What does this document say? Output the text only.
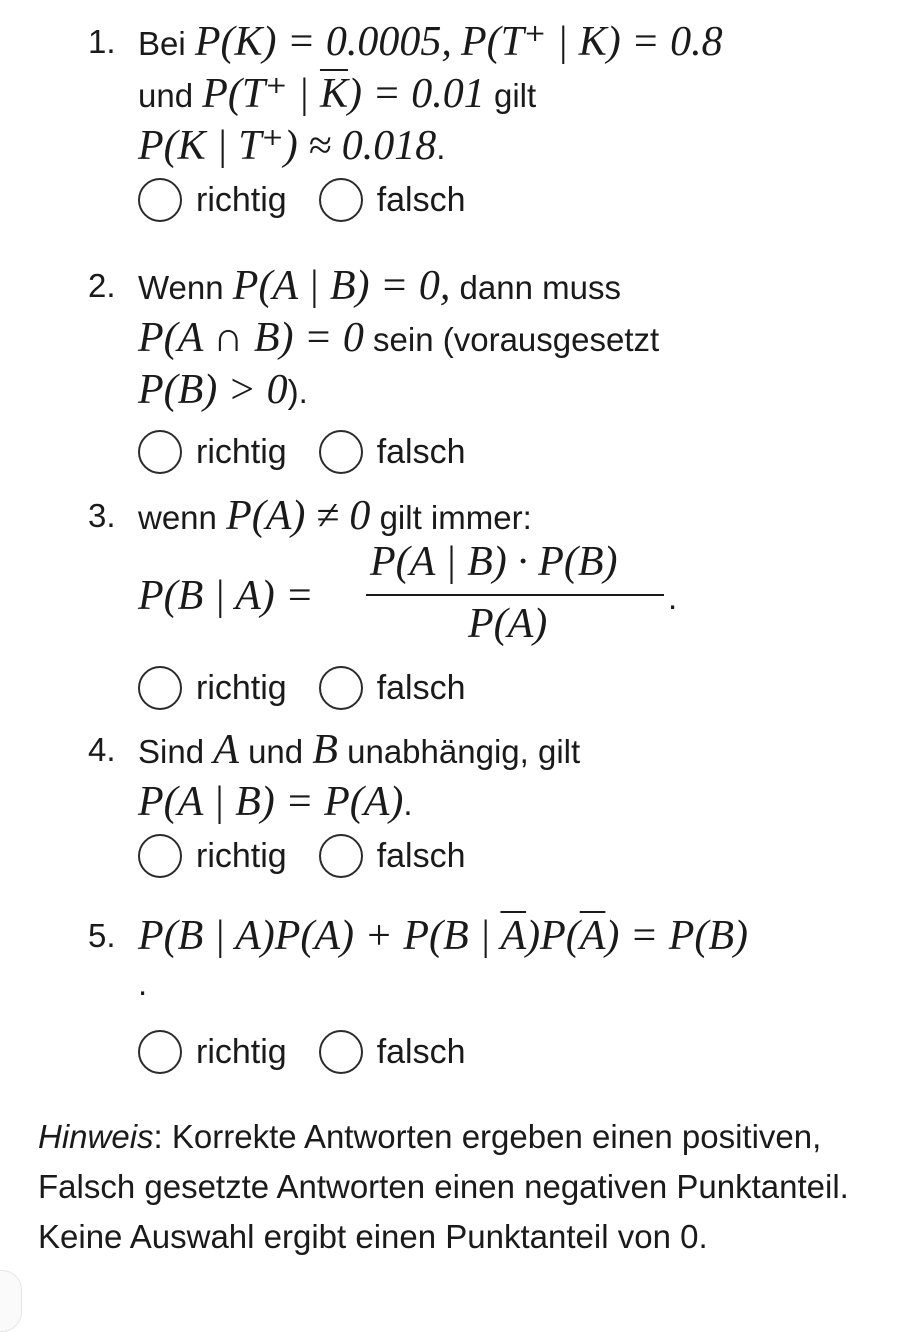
1. Bei P(K) = 0.0005, P(T⁺ | K) = 0.8
und P(T⁺ | $\overline{K}) = 0.01$ gilt
P(K | T⁺) ≈ 0.018.
richtig	falsch
2. Wenn P(A | B) = 0, dann muss
P(A ∩ B) = 0 sein (vorausgesetzt
P(B) > 0).
richtig	falsch
3. wenn P(A) ≠ 0 gilt immer:
P(B | A) =
P(A | B) · P(B)
P(A)
.
richtig	falsch
4. Sind A und B unabhängig, gilt
P(A | B) = P(A).
richtig	falsch
5. P(B | A)P(A) + P(B | $\overline{A})P(\overline{A}) = P(B)$
.
richtig	falsch
Hinweis: Korrekte Antworten ergeben einen positiven, Falsch gesetzte Antworten einen negativen Punktanteil. Keine Auswahl ergibt einen Punktanteil von 0.
